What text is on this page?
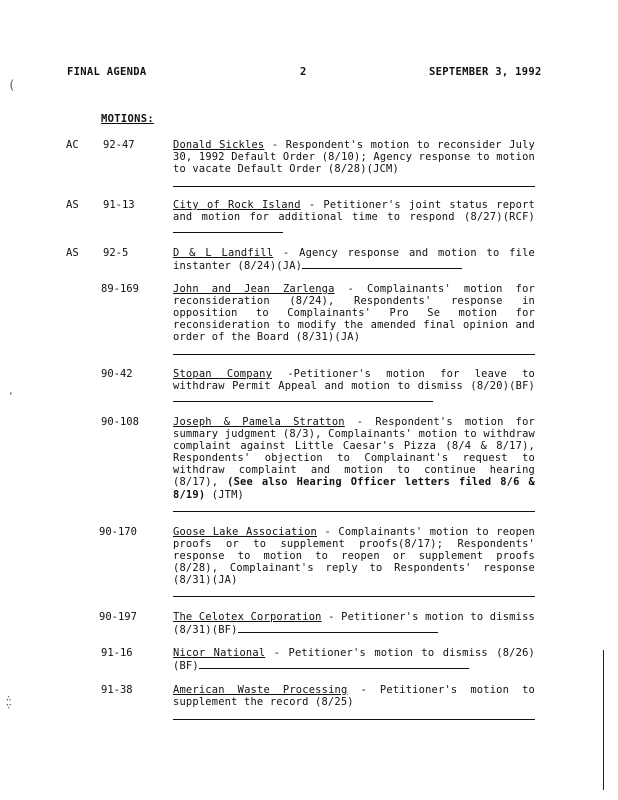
FINAL AGENDA	2	SEPTEMBER 3, 1992
MOTIONS:
AC 92-47	Donald Sickles - Respondent's motion to reconsider July 30, 1992 Default Order (8/10); Agency response to motion to vacate Default Order (8/28)(JCM)
AS 91-13	City of Rock Island - Petitioner's joint status report and motion for additional time to respond (8/27)(RCF)
AS 92-5	D & L Landfill - Agency response and motion to file instanter (8/24)(JA)
89-169	John and Jean Zarlenga - Complainants' motion for reconsideration (8/24), Respondents' response in opposition to Complainants' Pro Se motion for reconsideration to modify the amended final opinion and order of the Board (8/31)(JA)
90-42	Stopan Company -Petitioner's motion for leave to withdraw Permit Appeal and motion to dismiss (8/20)(BF)
90-108	Joseph & Pamela Stratton - Respondent's motion for summary judgment (8/3), Complainants' motion to withdraw complaint against Little Caesar's Pizza (8/4 & 8/17), Respondents' objection to Complainant's request to withdraw complaint and motion to continue hearing (8/17), (See also Hearing Officer letters filed 8/6 & 8/19) (JTM)
90-170	Goose Lake Association - Complainants' motion to reopen proofs or to supplement proofs(8/17); Respondents' response to motion to reopen or supplement proofs (8/28), Complainant's reply to Respondents' response (8/31)(JA)
90-197	The Celotex Corporation - Petitioner's motion to dismiss (8/31)(BF)
91-16	Nicor National - Petitioner's motion to dismiss (8/26)(BF)
91-38	American Waste Processing - Petitioner's motion to supplement the record (8/25)
(
‘
∴
∵
